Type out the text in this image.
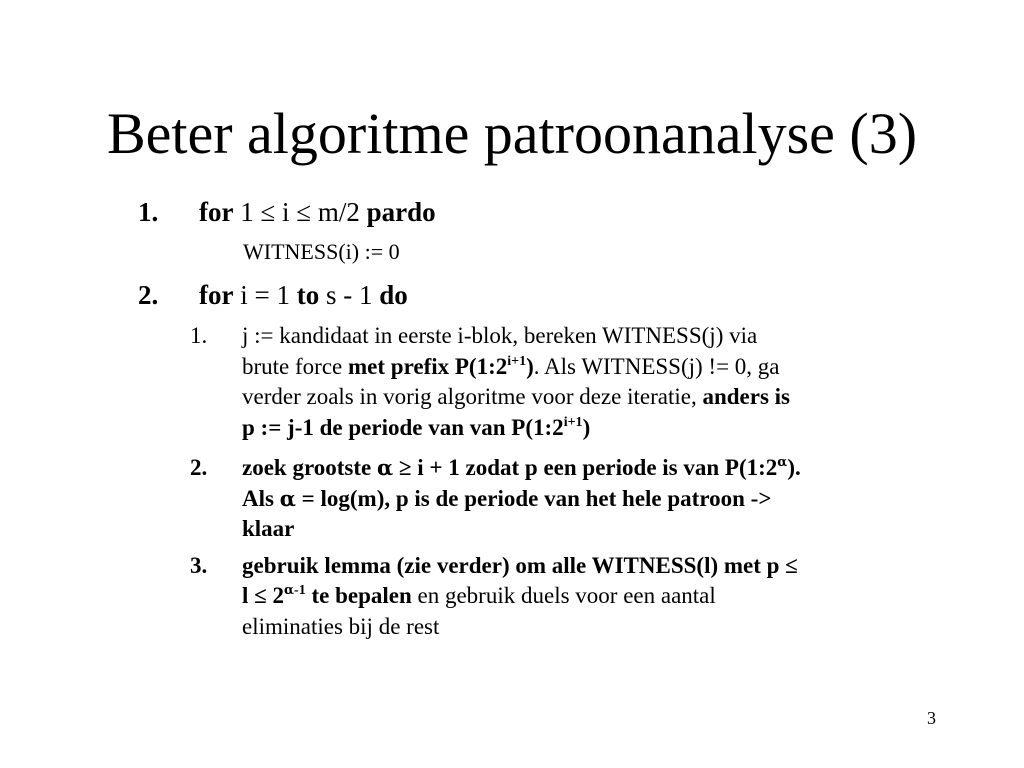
Beter algoritme patroonanalyse (3)
1. for 1 ≤ i ≤ m/2 pardo
WITNESS(i) := 0
2. for i = 1 to s - 1 do
1. j := kandidaat in eerste i-blok, bereken WITNESS(j) via
brute force met prefix $P(1:2^{i+1})$. Als WITNESS(j) != 0, ga
verder zoals in vorig algoritme voor deze iteratie, anders is
p := j-1 de periode van van $P(1:2^{i+1})$
2. zoek grootste α ≥ i + 1 zodat p een periode is van $P(1:2^\alpha)$.
Als α = log(m), p is de periode van het hele patroon ->
klaar
3. gebruik lemma (zie verder) om alle WITNESS(l) met p ≤
$l \le 2^{\alpha-1}$ te bepalen en gebruik duels voor een aantal
eliminaties bij de rest
3
